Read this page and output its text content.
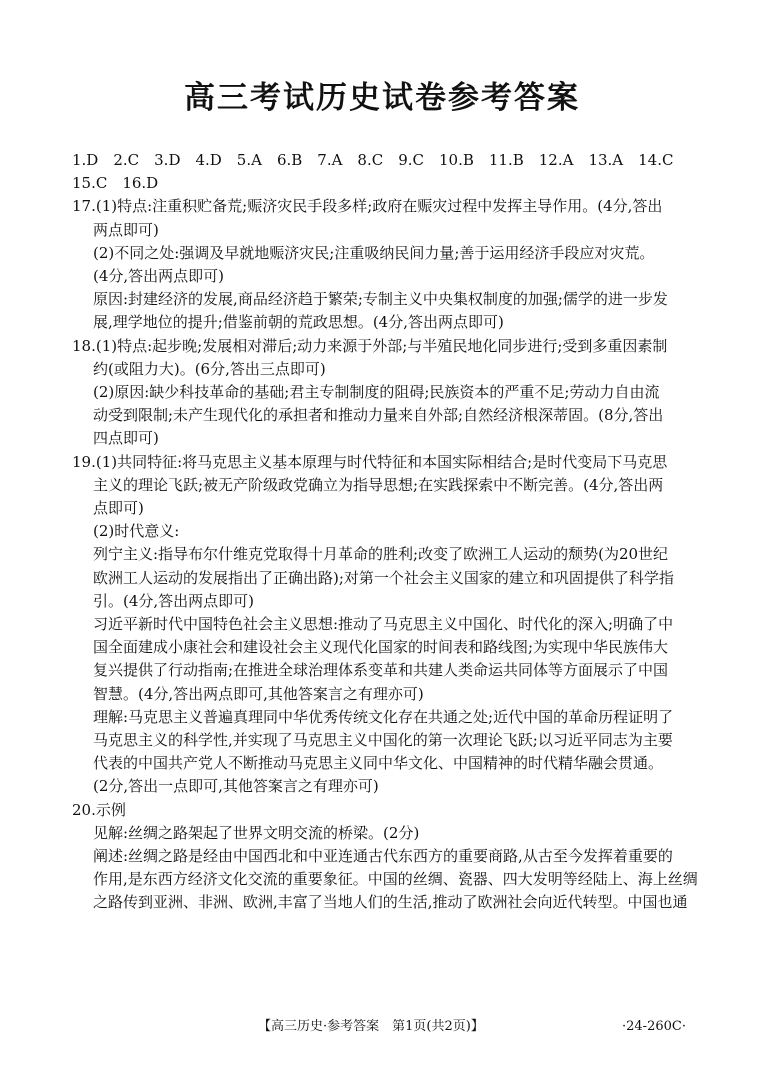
高三考试历史试卷参考答案
1.D　2.C　3.D　4.D　5.A　6.B　7.A　8.C　9.C　10.B　11.B　12.A　13.A　14.C
15.C　16.D
17.(1)特点:注重积贮备荒;赈济灾民手段多样;政府在赈灾过程中发挥主导作用。(4分,答出
两点即可)
(2)不同之处:强调及早就地赈济灾民;注重吸纳民间力量;善于运用经济手段应对灾荒。
(4分,答出两点即可)
原因:封建经济的发展,商品经济趋于繁荣;专制主义中央集权制度的加强;儒学的进一步发
展,理学地位的提升;借鉴前朝的荒政思想。(4分,答出两点即可)
18.(1)特点:起步晚;发展相对滞后;动力来源于外部;与半殖民地化同步进行;受到多重因素制
约(或阻力大)。(6分,答出三点即可)
(2)原因:缺少科技革命的基础;君主专制制度的阻碍;民族资本的严重不足;劳动力自由流
动受到限制;未产生现代化的承担者和推动力量来自外部;自然经济根深蒂固。(8分,答出
四点即可)
19.(1)共同特征:将马克思主义基本原理与时代特征和本国实际相结合;是时代变局下马克思
主义的理论飞跃;被无产阶级政党确立为指导思想;在实践探索中不断完善。(4分,答出两
点即可)
(2)时代意义:
列宁主义:指导布尔什维克党取得十月革命的胜利;改变了欧洲工人运动的颓势(为20世纪
欧洲工人运动的发展指出了正确出路);对第一个社会主义国家的建立和巩固提供了科学指
引。(4分,答出两点即可)
习近平新时代中国特色社会主义思想:推动了马克思主义中国化、时代化的深入;明确了中
国全面建成小康社会和建设社会主义现代化国家的时间表和路线图;为实现中华民族伟大
复兴提供了行动指南;在推进全球治理体系变革和共建人类命运共同体等方面展示了中国
智慧。(4分,答出两点即可,其他答案言之有理亦可)
理解:马克思主义普遍真理同中华优秀传统文化存在共通之处;近代中国的革命历程证明了
马克思主义的科学性,并实现了马克思主义中国化的第一次理论飞跃;以习近平同志为主要
代表的中国共产党人不断推动马克思主义同中华文化、中国精神的时代精华融会贯通。
(2分,答出一点即可,其他答案言之有理亦可)
20.示例
见解:丝绸之路架起了世界文明交流的桥梁。(2分)
阐述:丝绸之路是经由中国西北和中亚连通古代东西方的重要商路,从古至今发挥着重要的
作用,是东西方经济文化交流的重要象征。中国的丝绸、瓷器、四大发明等经陆上、海上丝绸
之路传到亚洲、非洲、欧洲,丰富了当地人们的生活,推动了欧洲社会向近代转型。中国也通
【高三历史·参考答案　第1页(共2页)】	·24-260C·
